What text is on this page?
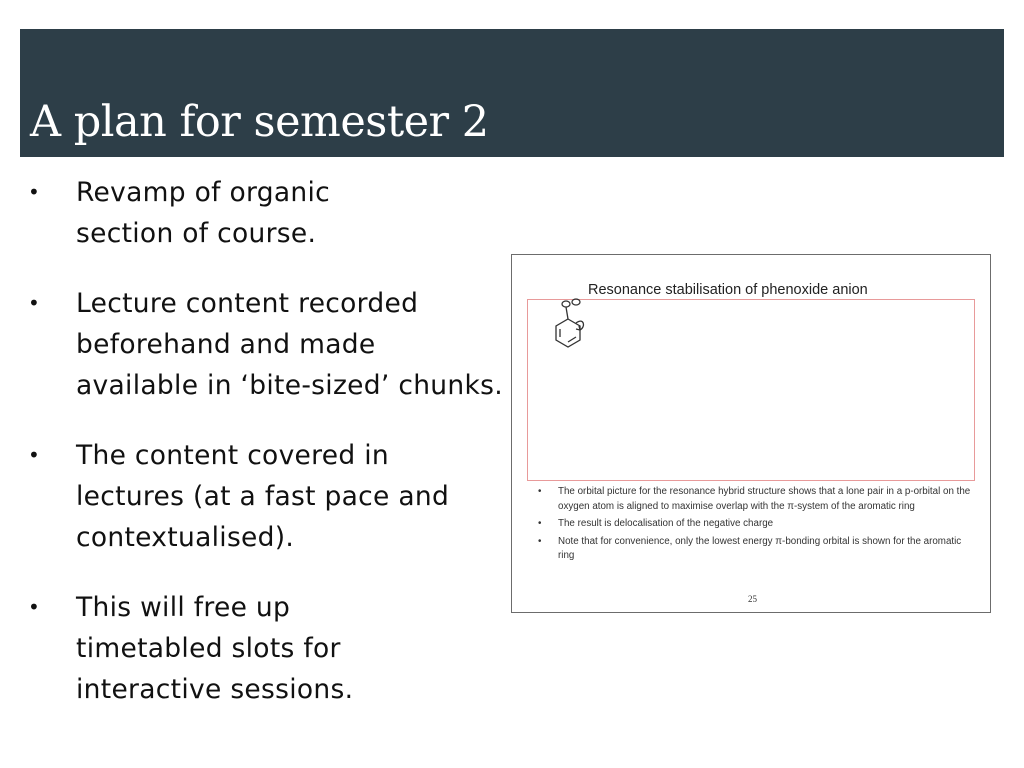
A plan for semester 2
• Revamp of organic section of course.
• Lecture content recorded beforehand and made available in ‘bite-sized’ chunks.
• The content covered in lectures (at a fast pace and contextualised).
• This will free up timetabled slots for interactive sessions.
Resonance stabilisation of phenoxide anion
• The orbital picture for the resonance hybrid structure shows that a lone pair in a p-orbital on the oxygen atom is aligned to maximise overlap with the π-system of the aromatic ring
• The result is delocalisation of the negative charge
• Note that for convenience, only the lowest energy π-bonding orbital is shown for the aromatic ring
25
